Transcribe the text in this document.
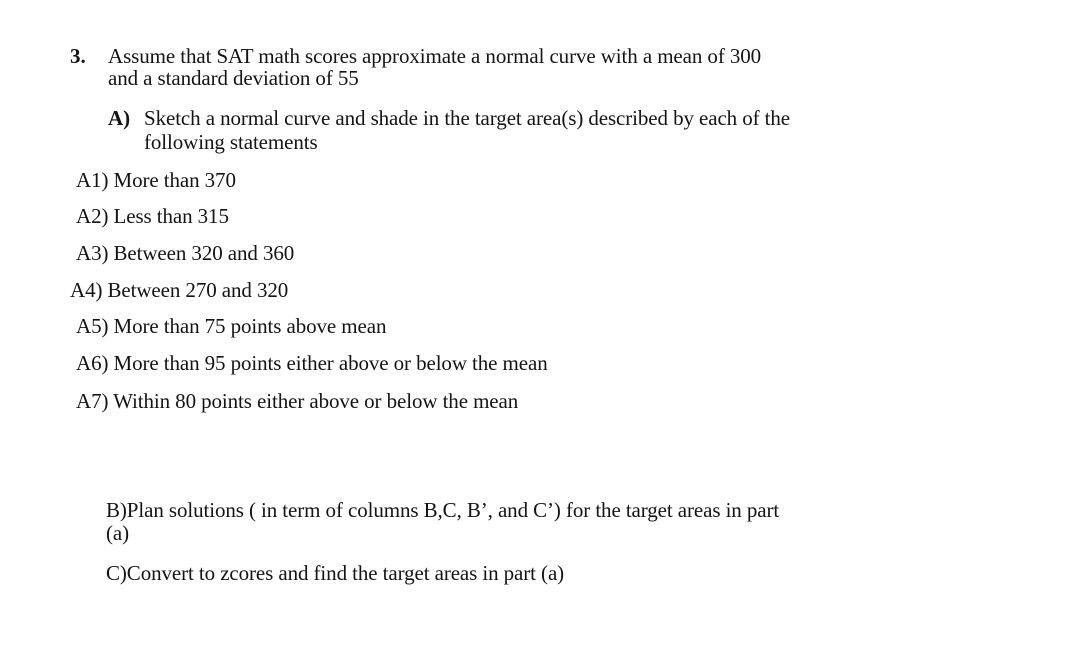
3. Assume that SAT math scores approximate a normal curve with a mean of 300
and a standard deviation of 55
A) Sketch a normal curve and shade in the target area(s) described by each of the
following statements
A1) More than 370
A2) Less than 315
A3) Between 320 and 360
A4) Between 270 and 320
A5) More than 75 points above mean
A6) More than 95 points either above or below the mean
A7) Within 80 points either above or below the mean
B)Plan solutions ( in term of columns B,C, B’, and C’) for the target areas in part
(a)
C)Convert to zcores and find the target areas in part (a)
